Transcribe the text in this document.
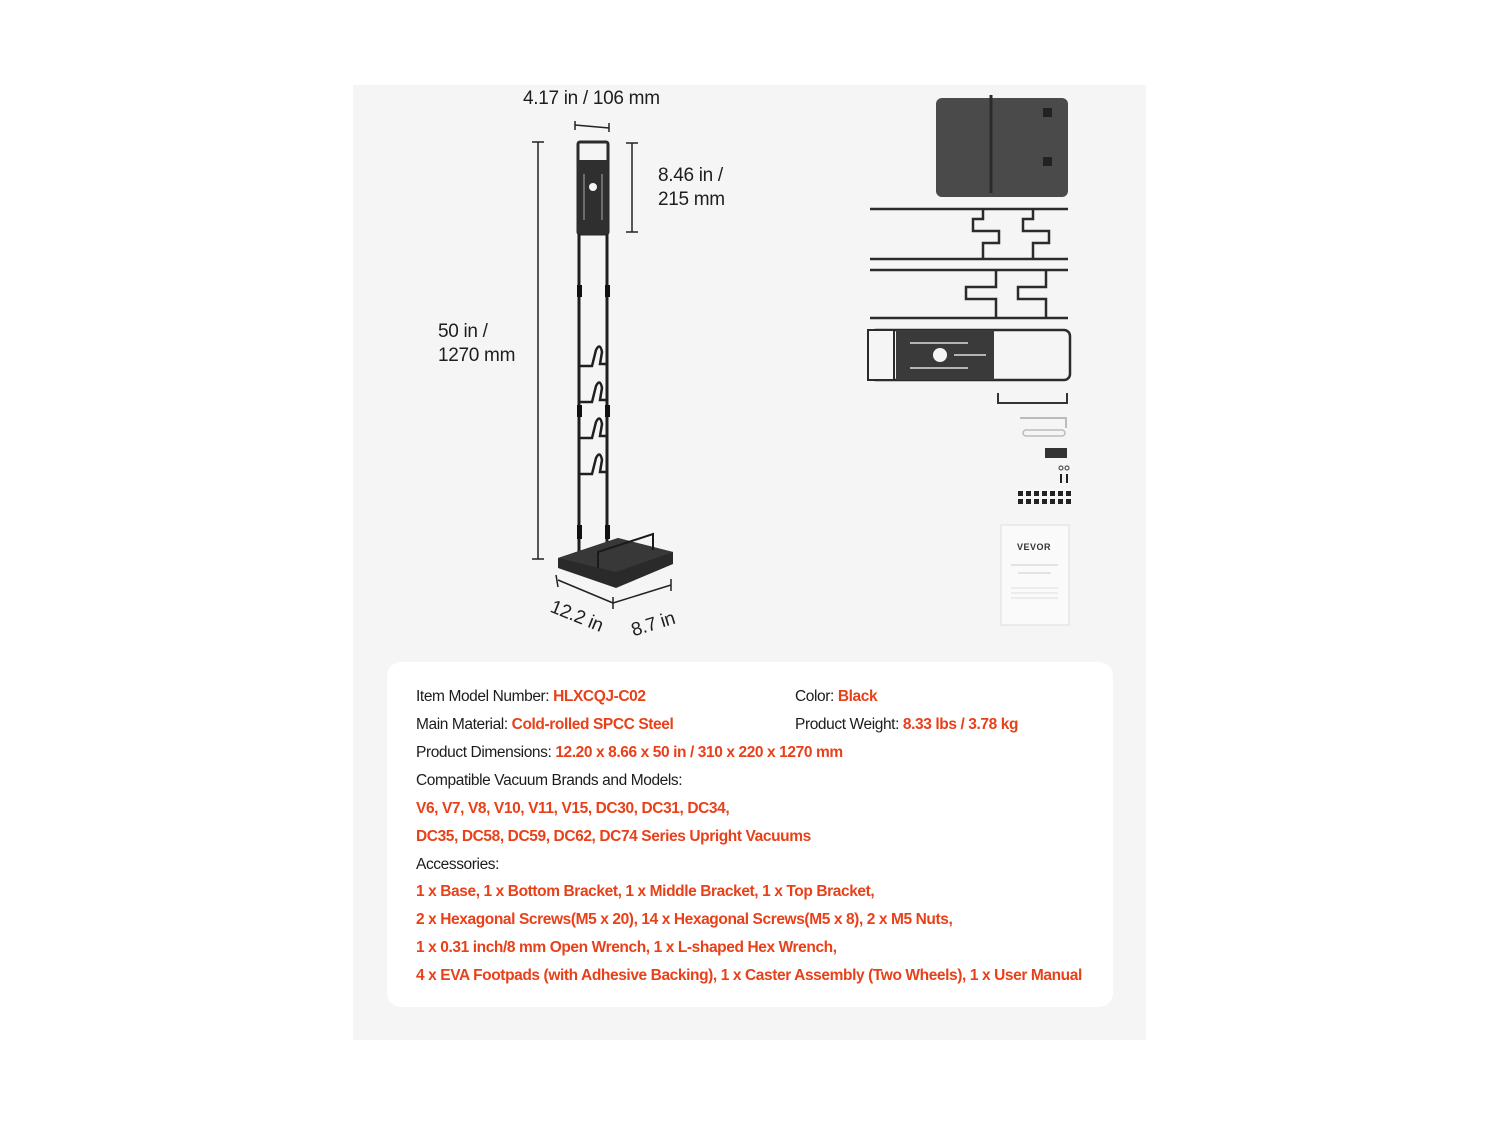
4.17 in / 106 mm
8.46 in /
215 mm
50 in /
1270 mm
12.2 in 8.7 in
VEVOR
Item Model Number: HLXCQJ-C02	Color: Black
Main Material: Cold-rolled SPCC Steel	Product Weight: 8.33 lbs / 3.78 kg
Product Dimensions: 12.20 x 8.66 x 50 in / 310 x 220 x 1270 mm
Compatible Vacuum Brands and Models:
V6, V7, V8, V10, V11, V15, DC30, DC31, DC34,
DC35, DC58, DC59, DC62, DC74 Series Upright Vacuums
Accessories:
1 x Base, 1 x Bottom Bracket, 1 x Middle Bracket, 1 x Top Bracket,
2 x Hexagonal Screws(M5 x 20), 14 x Hexagonal Screws(M5 x 8), 2 x M5 Nuts,
1 x 0.31 inch/8 mm Open Wrench, 1 x L-shaped Hex Wrench,
4 x EVA Footpads (with Adhesive Backing), 1 x Caster Assembly (Two Wheels), 1 x User Manual
